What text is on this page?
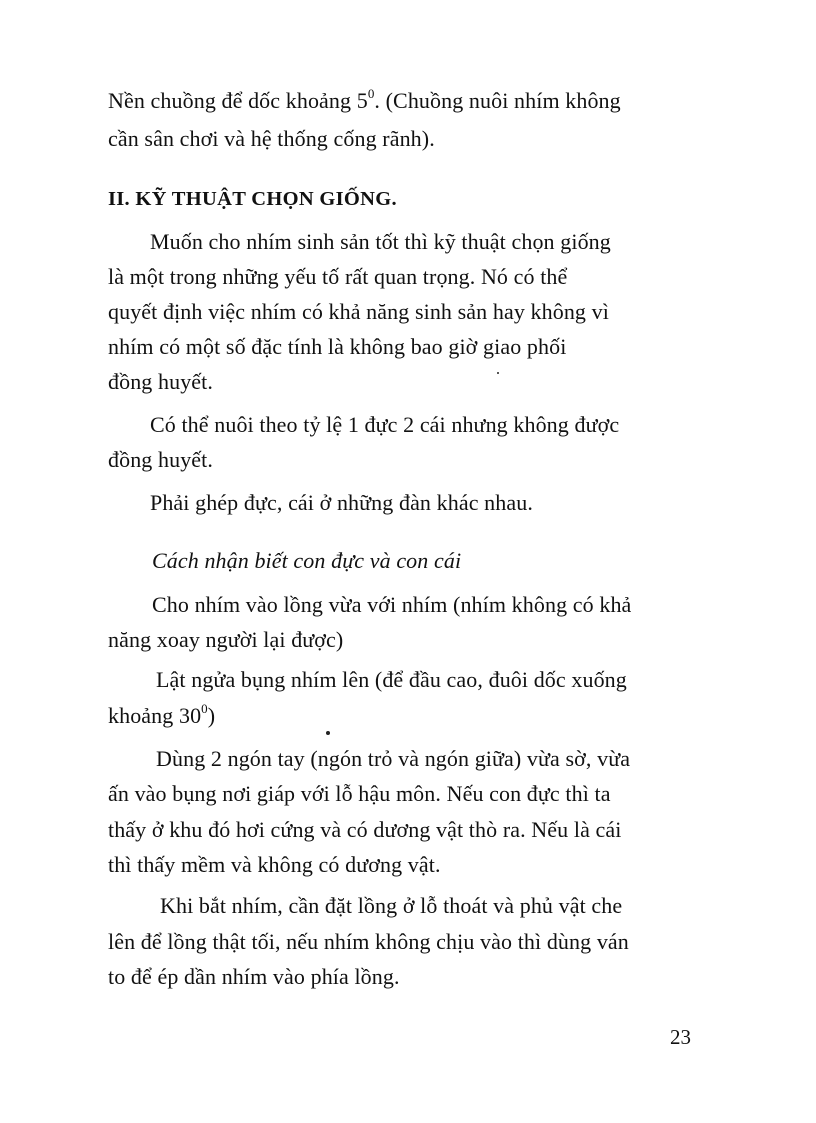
Nền chuồng để dốc khoảng $5^0$. (Chuồng nuôi nhím không
cần sân chơi và hệ thống cống rãnh).
II. KỸ THUẬT CHỌN GIỐNG.
Muốn cho nhím sinh sản tốt thì kỹ thuật chọn giống
là một trong những yếu tố rất quan trọng. Nó có thể
quyết định việc nhím có khả năng sinh sản hay không vì
nhím có một số đặc tính là không bao giờ giao phối
đồng huyết.
Có thể nuôi theo tỷ lệ 1 đực 2 cái nhưng không được
đồng huyết.
Phải ghép đực, cái ở những đàn khác nhau.
Cách nhận biết con đực và con cái
Cho nhím vào lồng vừa với nhím (nhím không có khả
năng xoay người lại được)
Lật ngửa bụng nhím lên (để đầu cao, đuôi dốc xuống
khoảng $30^0$)
Dùng 2 ngón tay (ngón trỏ và ngón giữa) vừa sờ, vừa
ấn vào bụng nơi giáp với lỗ hậu môn. Nếu con đực thì ta
thấy ở khu đó hơi cứng và có dương vật thò ra. Nếu là cái
thì thấy mềm và không có dương vật.
Khi bắt nhím, cần đặt lồng ở lỗ thoát và phủ vật che
lên để lồng thật tối, nếu nhím không chịu vào thì dùng ván
to để ép dần nhím vào phía lồng.
23
